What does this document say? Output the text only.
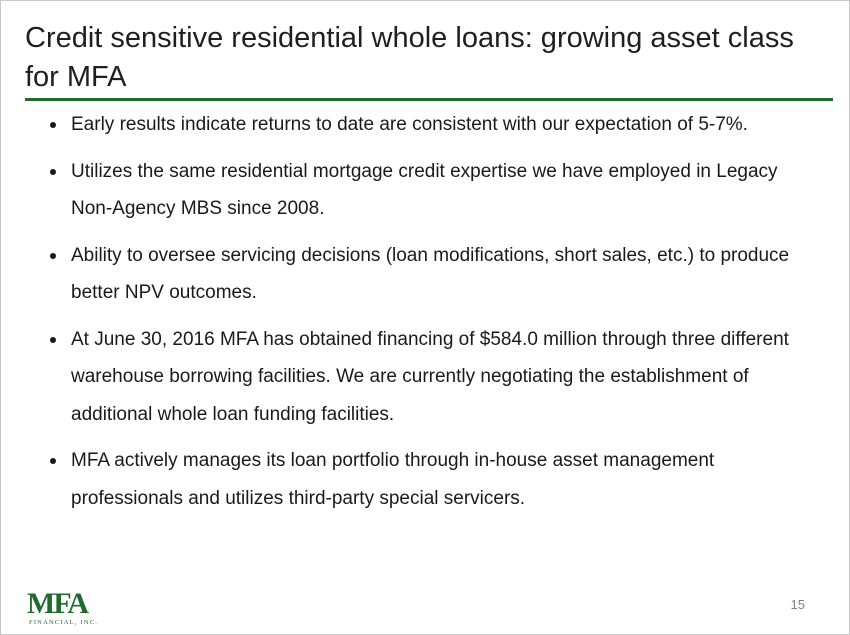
Credit sensitive residential whole loans: growing asset class for MFA
Early results indicate returns to date are consistent with our expectation of 5-7%.
Utilizes the same residential mortgage credit expertise we have employed in Legacy Non-Agency MBS since 2008.
Ability to oversee servicing decisions (loan modifications, short sales, etc.) to produce better NPV outcomes.
At June 30, 2016 MFA has obtained financing of $584.0 million through three different warehouse borrowing facilities. We are currently negotiating the establishment of additional whole loan funding facilities.
MFA actively manages its loan portfolio through in-house asset management professionals and utilizes third-party special servicers.
MFA
FINANCIAL, INC.
15
